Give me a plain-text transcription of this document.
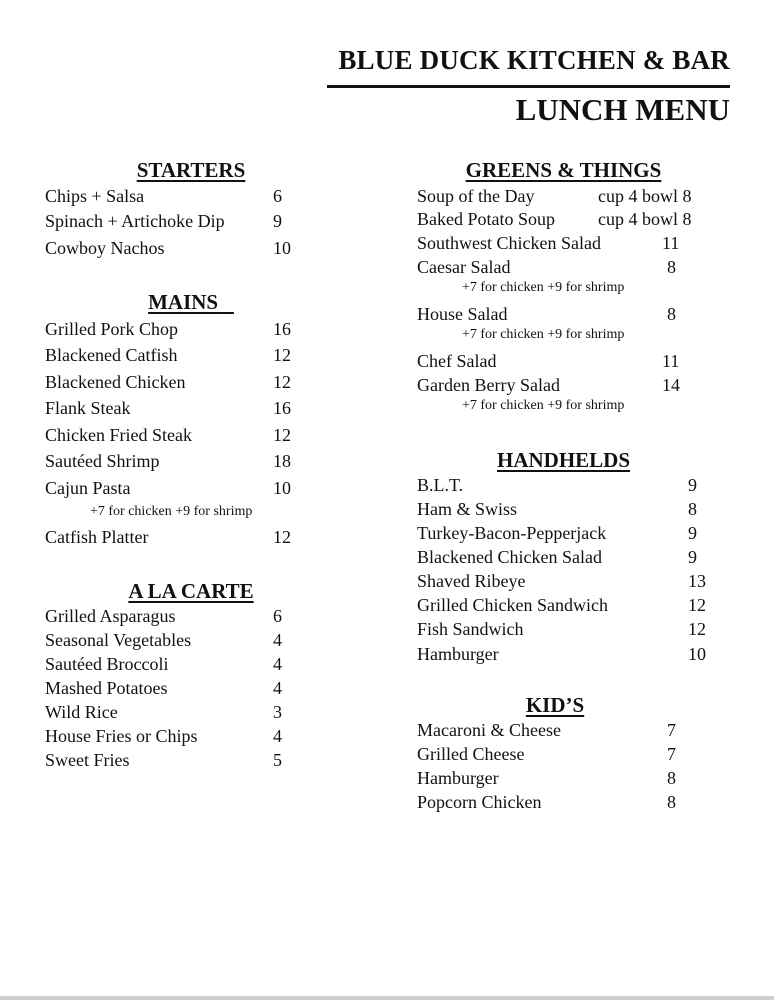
BLUE DUCK KITCHEN & BAR
LUNCH MENU
STARTERS
Chips + Salsa	6
Spinach + Artichoke Dip	9
Cowboy Nachos	10
MAINS
Grilled Pork Chop	16
Blackened Catfish	12
Blackened Chicken	12
Flank Steak	16
Chicken Fried Steak	12
Sautéed Shrimp	18
Cajun Pasta	10
+7 for chicken +9 for shrimp
Catfish Platter	12
A LA CARTE
Grilled Asparagus	6
Seasonal Vegetables	4
Sautéed Broccoli	4
Mashed Potatoes	4
Wild Rice	3
House Fries or Chips	4
Sweet Fries	5
GREENS & THINGS
Soup of the Day	cup 4 bowl 8
Baked Potato Soup cup 4 bowl 8
Southwest Chicken Salad	11
Caesar Salad	8
+7 for chicken +9 for shrimp
House Salad	8
+7 for chicken +9 for shrimp
Chef Salad	11
Garden Berry Salad	14
+7 for chicken +9 for shrimp
HANDHELDS
B.L.T.	9
Ham & Swiss	8
Turkey-Bacon-Pepperjack	9
Blackened Chicken Salad	9
Shaved Ribeye	13
Grilled Chicken Sandwich	12
Fish Sandwich	12
Hamburger	10
KID’S
Macaroni & Cheese	7
Grilled Cheese	7
Hamburger	8
Popcorn Chicken	8
